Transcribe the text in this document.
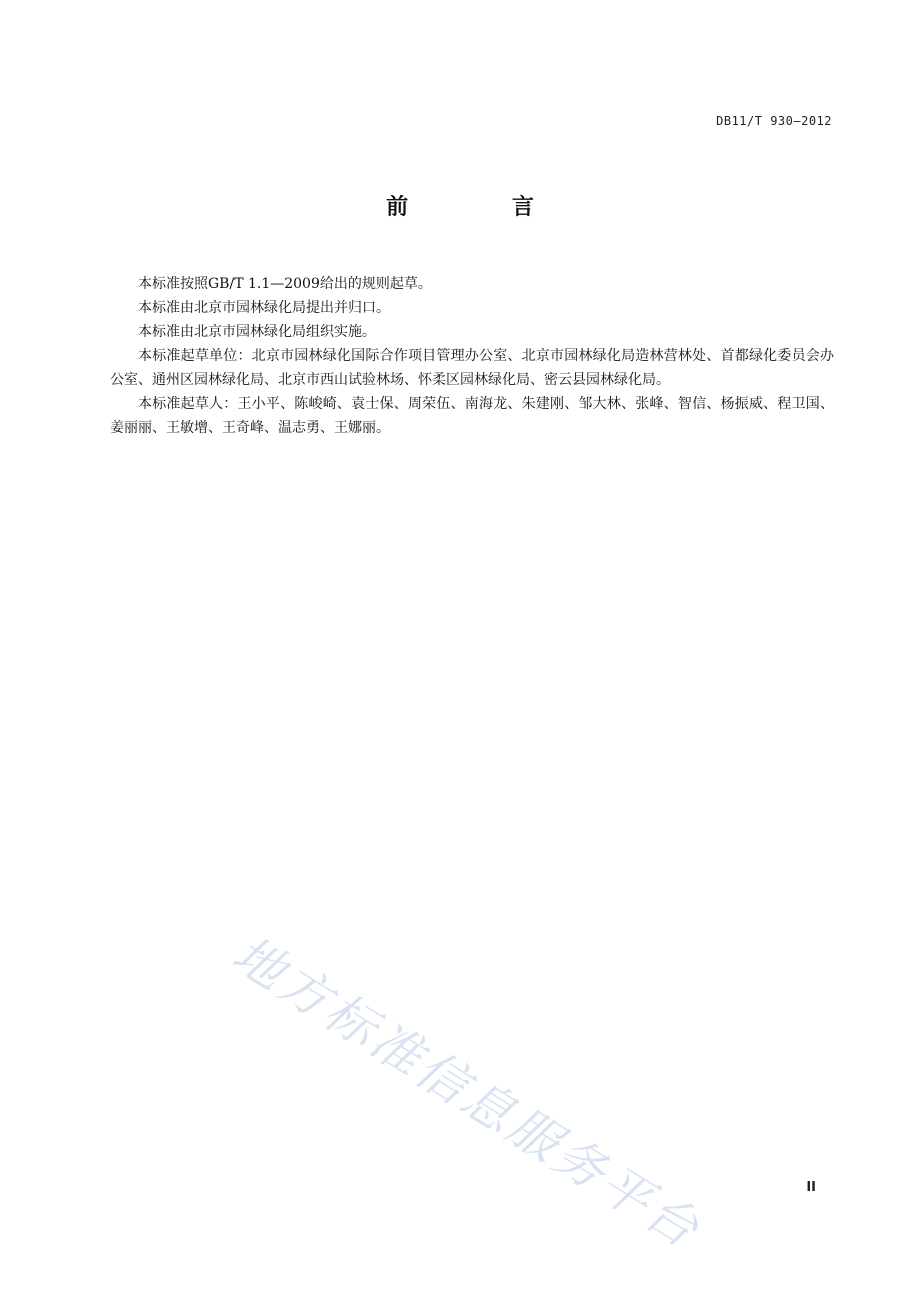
DB11/T 930—2012
前 言

本标准按照GB/T 1.1—2009给出的规则起草。

本标准由北京市园林绿化局提出并归口。

本标准由北京市园林绿化局组织实施。

本标准起草单位：北京市园林绿化国际合作项目管理办公室、北京市园林绿化局造林营林处、首都绿化委员会办公室、通州区园林绿化局、北京市西山试验林场、怀柔区园林绿化局、密云县园林绿化局。

本标准起草人：王小平、陈峻崎、袁士保、周荣伍、南海龙、朱建刚、邹大林、张峰、智信、杨振威、程卫国、姜丽丽、王敏增、王奇峰、温志勇、王娜丽。

地方标准信息服务平台	II
